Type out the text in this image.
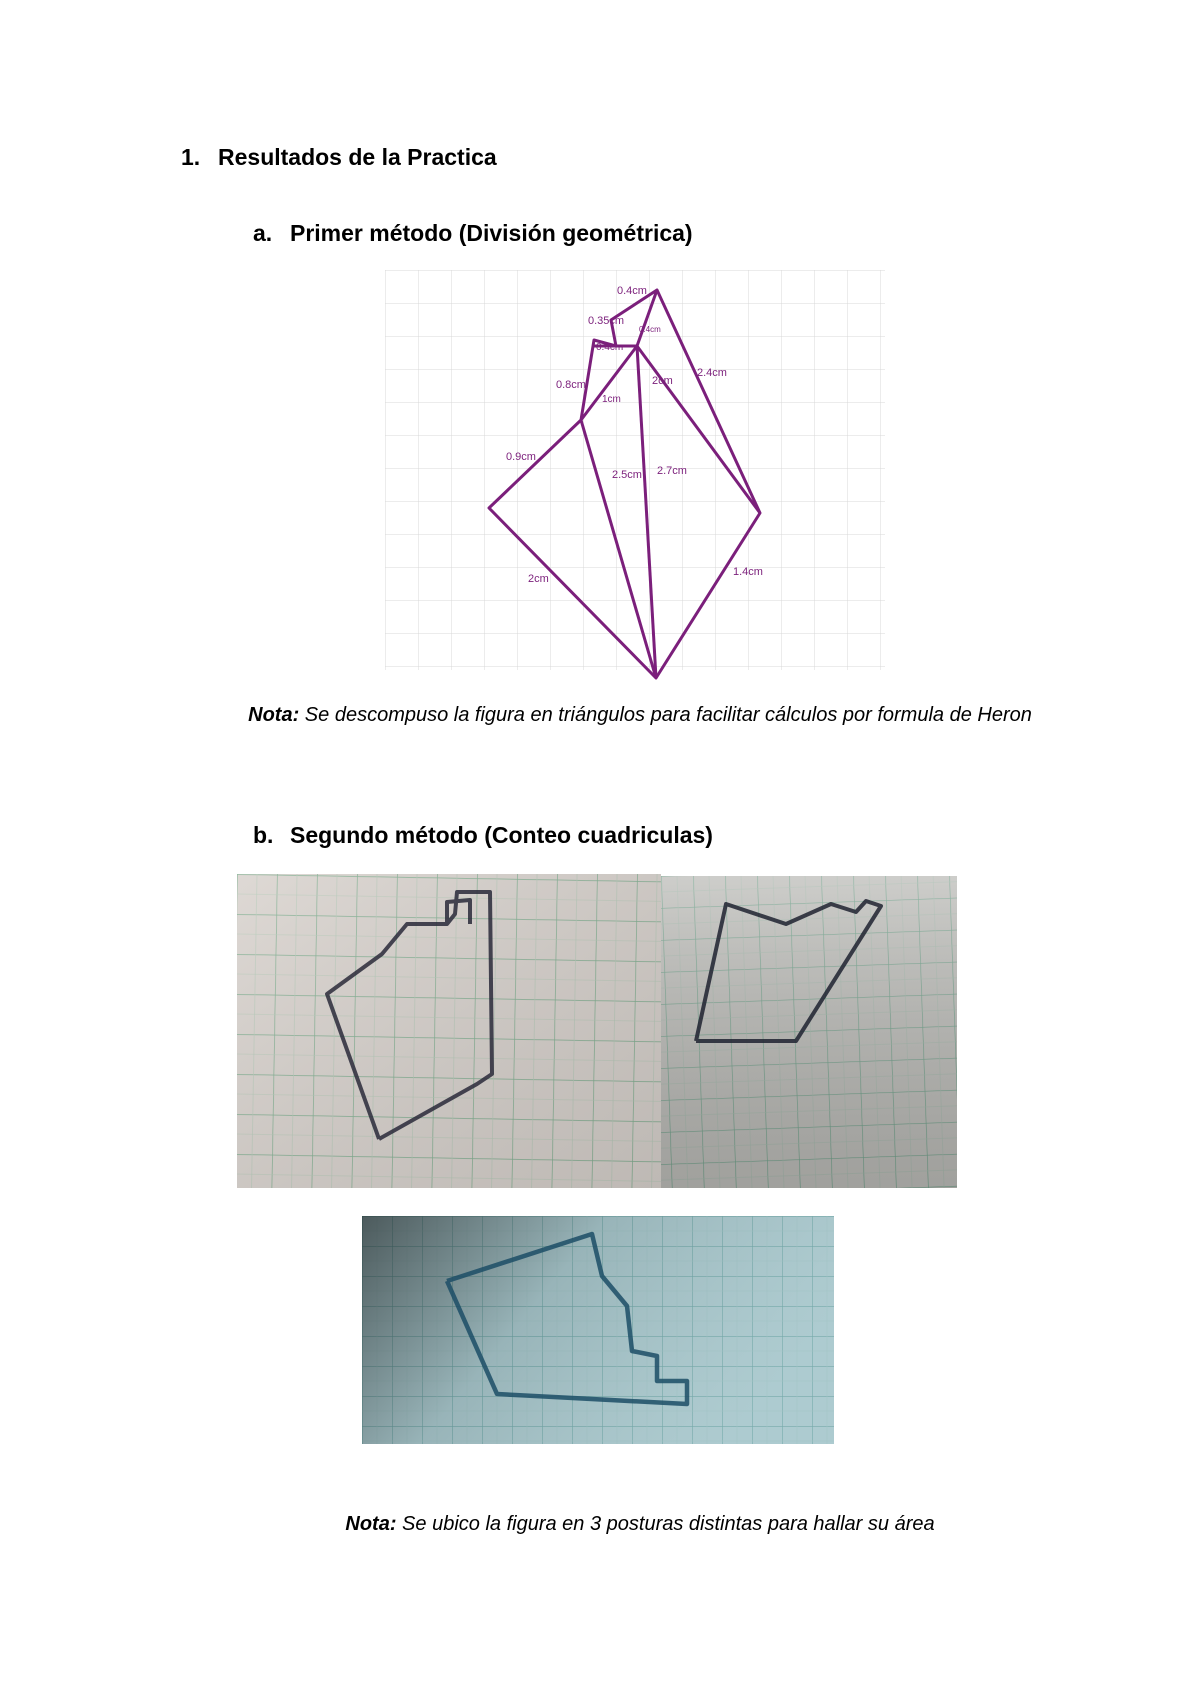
1. Resultados de la Practica
a. Primer método (División geométrica)
0.4cm
0.35cm
0.4cm
0.4cm
0.8cm
1cm
2cm
2.4cm
0.9cm
2.5cm 2.7cm
2cm
1.4cm
Nota: Se descompuso la figura en triángulos para facilitar cálculos por formula de Heron
b. Segundo método (Conteo cuadriculas)
Nota: Se ubico la figura en 3 posturas distintas para hallar su área
